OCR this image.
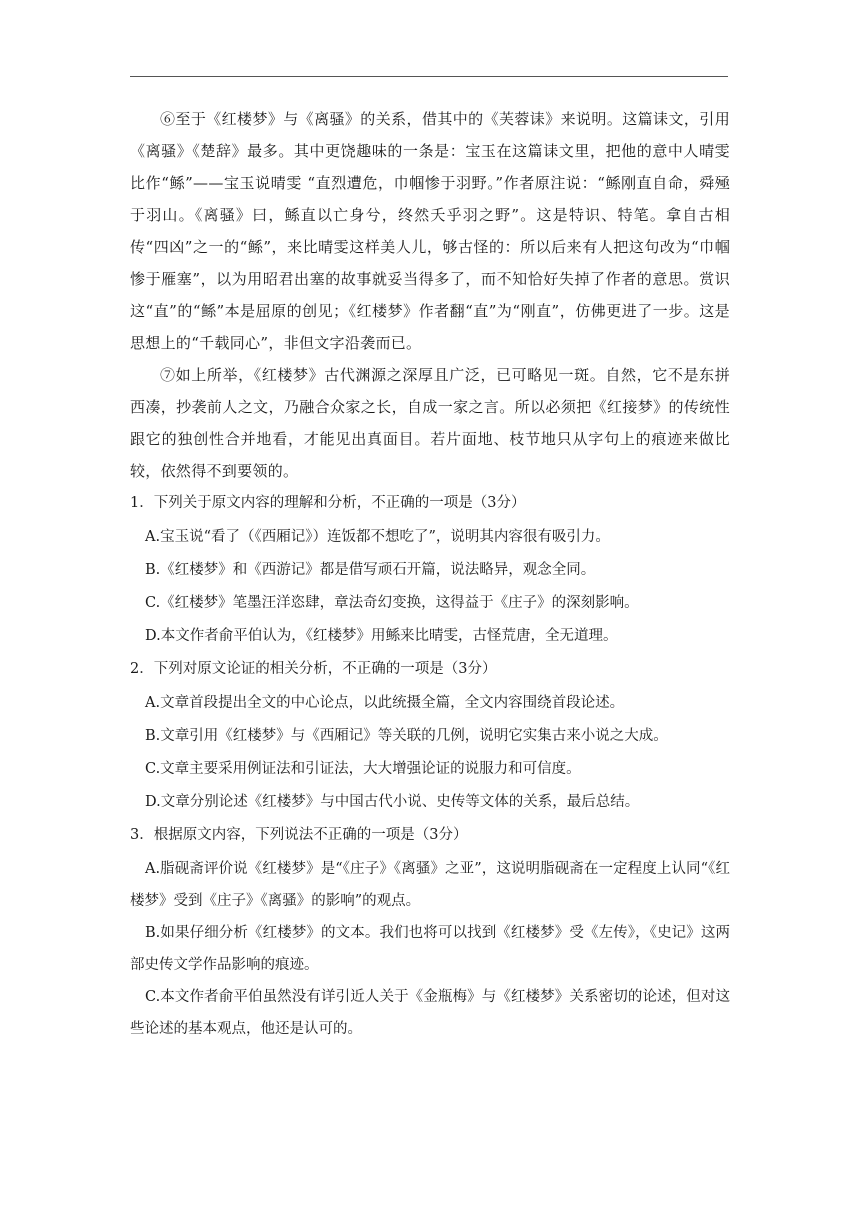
⑥至于《红楼梦》与《离骚》的关系，借其中的《芙蓉诔》来说明。这篇诔文，引用《离骚》《楚辞》最多。其中更饶趣味的一条是：宝玉在这篇诔文里，把他的意中人晴雯比作“鲧”——宝玉说晴雯 “直烈遭危，巾帼惨于羽野。”作者原注说：“鲧刚直自命，舜殛于羽山。《离骚》曰，鲧直以亡身兮，终然夭乎羽之野”。这是特识、特笔。拿自古相传“四凶”之一的“鲧”，来比晴雯这样美人儿，够古怪的：所以后来有人把这句改为“巾帼惨于雁塞”，以为用昭君出塞的故事就妥当得多了，而不知恰好失掉了作者的意思。赏识这“直”的“鲧”本是屈原的创见；《红楼梦》作者翻“直”为“刚直”，仿佛更进了一步。这是思想上的“千载同心”，非但文字沿袭而已。

⑦如上所举，《红楼梦》古代渊源之深厚且广泛，已可略见一斑。自然，它不是东拼西凑，抄袭前人之文，乃融合众家之长，自成一家之言。所以必须把《红接梦》的传统性跟它的独创性合并地看，才能见出真面目。若片面地、枝节地只从字句上的痕迹来做比较，依然得不到要领的。

1．下列关于原文内容的理解和分析，不正确的一项是（3分）

A.宝玉说“看了（《西厢记》）连饭都不想吃了”，说明其内容很有吸引力。
B.《红楼梦》和《西游记》都是借写顽石开篇，说法略异，观念全同。
C.《红楼梦》笔墨汪洋恣肆，章法奇幻变换，这得益于《庄子》的深刻影响。
D.本文作者俞平伯认为，《红楼梦》用鲧来比晴雯，古怪荒唐，全无道理。

2．下列对原文论证的相关分析，不正确的一项是（3分）

A.文章首段提出全文的中心论点，以此统摄全篇，全文内容围绕首段论述。
B.文章引用《红楼梦》与《西厢记》等关联的几例，说明它实集古来小说之大成。
C.文章主要采用例证法和引证法，大大增强论证的说服力和可信度。
D.文章分别论述《红楼梦》与中国古代小说、史传等文体的关系，最后总结。

3．根据原文内容，下列说法不正确的一项是（3分）

A.脂砚斋评价说《红楼梦》是“《庄子》《离骚》之亚”，这说明脂砚斋在一定程度上认同“《红楼梦》受到《庄子》《离骚》的影响”的观点。
B.如果仔细分析《红楼梦》的文本。我们也将可以找到《红楼梦》受《左传》，《史记》这两部史传文学作品影响的痕迹。
C.本文作者俞平伯虽然没有详引近人关于《金瓶梅》与《红楼梦》关系密切的论述，但对这些论述的基本观点，他还是认可的。
